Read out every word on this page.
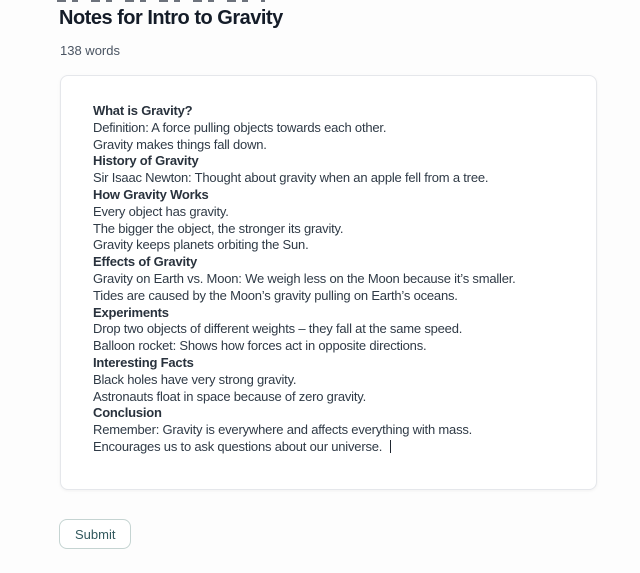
Notes for Intro to Gravity
138 words
What is Gravity?
Definition: A force pulling objects towards each other.
Gravity makes things fall down.
History of Gravity
Sir Isaac Newton: Thought about gravity when an apple fell from a tree.
How Gravity Works
Every object has gravity.
The bigger the object, the stronger its gravity.
Gravity keeps planets orbiting the Sun.
Effects of Gravity
Gravity on Earth vs. Moon: We weigh less on the Moon because it’s smaller.
Tides are caused by the Moon’s gravity pulling on Earth’s oceans.
Experiments
Drop two objects of different weights – they fall at the same speed.
Balloon rocket: Shows how forces act in opposite directions.
Interesting Facts
Black holes have very strong gravity.
Astronauts float in space because of zero gravity.
Conclusion
Remember: Gravity is everywhere and affects everything with mass.
Encourages us to ask questions about our universe.
Submit
